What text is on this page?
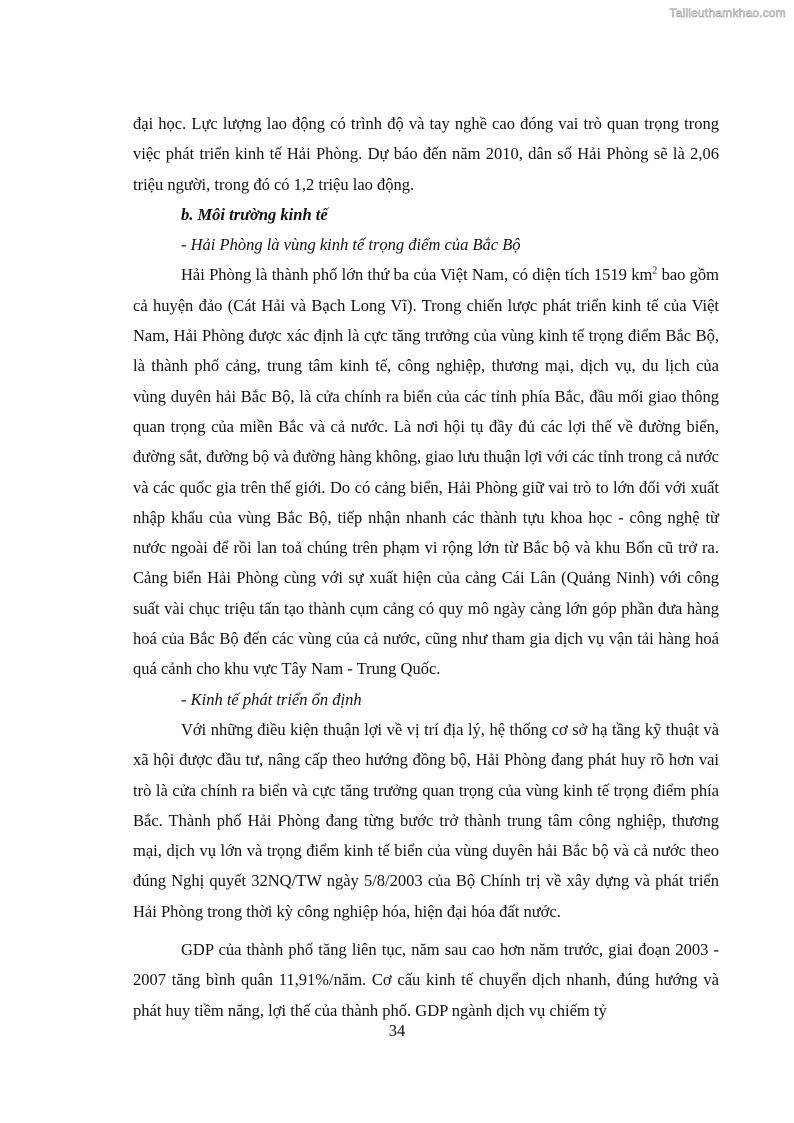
Tailieuthamkhao.com

đại học. Lực lượng lao động có trình độ và tay nghề cao đóng vai trò quan trọng trong việc phát triển kinh tế Hải Phòng. Dự báo đến năm 2010, dân số Hải Phòng sẽ là 2,06 triệu người, trong đó có 1,2 triệu lao động.

b. Môi trường kinh tế

- Hải Phòng là vùng kinh tế trọng điểm của Bắc Bộ

Hải Phòng là thành phố lớn thứ ba của Việt Nam, có diện tích 1519 $km^2$ bao gồm cả huyện đảo (Cát Hải và Bạch Long Vĩ). Trong chiến lược phát triển kinh tế của Việt Nam, Hải Phòng được xác định là cực tăng trưởng của vùng kinh tế trọng điểm Bắc Bộ, là thành phố cảng, trung tâm kinh tế, công nghiệp, thương mại, dịch vụ, du lịch của vùng duyên hải Bắc Bộ, là cửa chính ra biển của các tỉnh phía Bắc, đầu mối giao thông quan trọng của miền Bắc và cả nước. Là nơi hội tụ đầy đủ các lợi thế về đường biển, đường sắt, đường bộ và đường hàng không, giao lưu thuận lợi với các tỉnh trong cả nước và các quốc gia trên thế giới. Do có cảng biển, Hải Phòng giữ vai trò to lớn đối với xuất nhập khẩu của vùng Bắc Bộ, tiếp nhận nhanh các thành tựu khoa học - công nghệ từ nước ngoài để rồi lan toả chúng trên phạm vi rộng lớn từ Bắc bộ và khu Bốn cũ trở ra. Cảng biển Hải Phòng cùng với sự xuất hiện của cảng Cái Lân (Quảng Ninh) với công suất vài chục triệu tấn tạo thành cụm cảng có quy mô ngày càng lớn góp phần đưa hàng hoá của Bắc Bộ đến các vùng của cả nước, cũng như tham gia dịch vụ vận tải hàng hoá quá cảnh cho khu vực Tây Nam - Trung Quốc.

- Kinh tế phát triển ổn định

Với những điều kiện thuận lợi về vị trí địa lý, hệ thống cơ sở hạ tầng kỹ thuật và xã hội được đầu tư, nâng cấp theo hướng đồng bộ, Hải Phòng đang phát huy rõ hơn vai trò là cửa chính ra biển và cực tăng trưởng quan trọng của vùng kinh tế trọng điểm phía Bắc. Thành phố Hải Phòng đang từng bước trở thành trung tâm công nghiệp, thương mại, dịch vụ lớn và trọng điểm kinh tế biển của vùng duyên hải Bắc bộ và cả nước theo đúng Nghị quyết 32NQ/TW ngày 5/8/2003 của Bộ Chính trị về xây dựng và phát triển Hải Phòng trong thời kỳ công nghiệp hóa, hiện đại hóa đất nước.

GDP của thành phố tăng liên tục, năm sau cao hơn năm trước, giai đoạn 2003 - 2007 tăng bình quân 11,91%/năm. Cơ cấu kinh tế chuyển dịch nhanh, đúng hướng và phát huy tiềm năng, lợi thế của thành phố. GDP ngành dịch vụ chiếm tỷ

34
